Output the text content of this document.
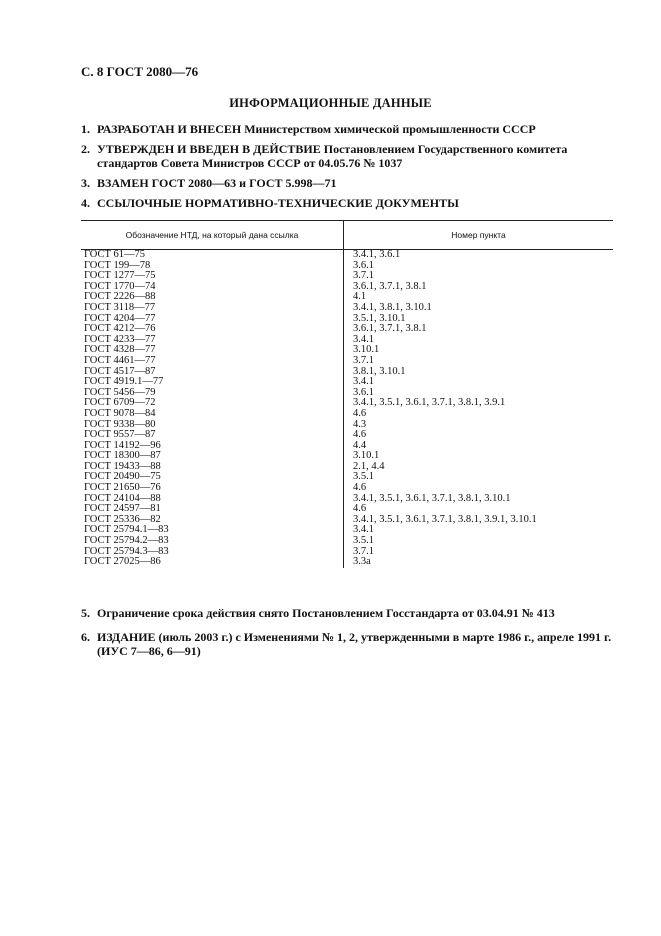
С. 8 ГОСТ 2080—76
ИНФОРМАЦИОННЫЕ ДАННЫЕ
1. РАЗРАБОТАН И ВНЕСЕН Министерством химической промышленности СССР
2. УТВЕРЖДЕН И ВВЕДЕН В ДЕЙСТВИЕ Постановлением Государственного комитета стандартов Совета Министров СССР от 04.05.76 № 1037
3. ВЗАМЕН ГОСТ 2080—63 и ГОСТ 5.998—71
4. ССЫЛОЧНЫЕ НОРМАТИВНО-ТЕХНИЧЕСКИЕ ДОКУМЕНТЫ
Обозначение НТД, на который дана ссылка	Номер пункта
ГОСТ 61—75	3.4.1, 3.6.1
ГОСТ 199—78	3.6.1
ГОСТ 1277—75	3.7.1
ГОСТ 1770—74	3.6.1, 3.7.1, 3.8.1
ГОСТ 2226—88	4.1
ГОСТ 3118—77	3.4.1, 3.8.1, 3.10.1
ГОСТ 4204—77	3.5.1, 3.10.1
ГОСТ 4212—76	3.6.1, 3.7.1, 3.8.1
ГОСТ 4233—77	3.4.1
ГОСТ 4328—77	3.10.1
ГОСТ 4461—77	3.7.1
ГОСТ 4517—87	3.8.1, 3.10.1
ГОСТ 4919.1—77	3.4.1
ГОСТ 5456—79	3.6.1
ГОСТ 6709—72	3.4.1, 3.5.1, 3.6.1, 3.7.1, 3.8.1, 3.9.1
ГОСТ 9078—84	4.6
ГОСТ 9338—80	4.3
ГОСТ 9557—87	4.6
ГОСТ 14192—96	4.4
ГОСТ 18300—87	3.10.1
ГОСТ 19433—88	2.1, 4.4
ГОСТ 20490—75	3.5.1
ГОСТ 21650—76	4.6
ГОСТ 24104—88	3.4.1, 3.5.1, 3.6.1, 3.7.1, 3.8.1, 3.10.1
ГОСТ 24597—81	4.6
ГОСТ 25336—82	3.4.1, 3.5.1, 3.6.1, 3.7.1, 3.8.1, 3.9.1, 3.10.1
ГОСТ 25794.1—83	3.4.1
ГОСТ 25794.2—83	3.5.1
ГОСТ 25794.3—83	3.7.1
ГОСТ 27025—86	3.3а
5. Ограничение срока действия снято Постановлением Госстандарта от 03.04.91 № 413
6. ИЗДАНИЕ (июль 2003 г.) с Изменениями № 1, 2, утвержденными в марте 1986 г., апреле 1991 г. (ИУС 7—86, 6—91)
